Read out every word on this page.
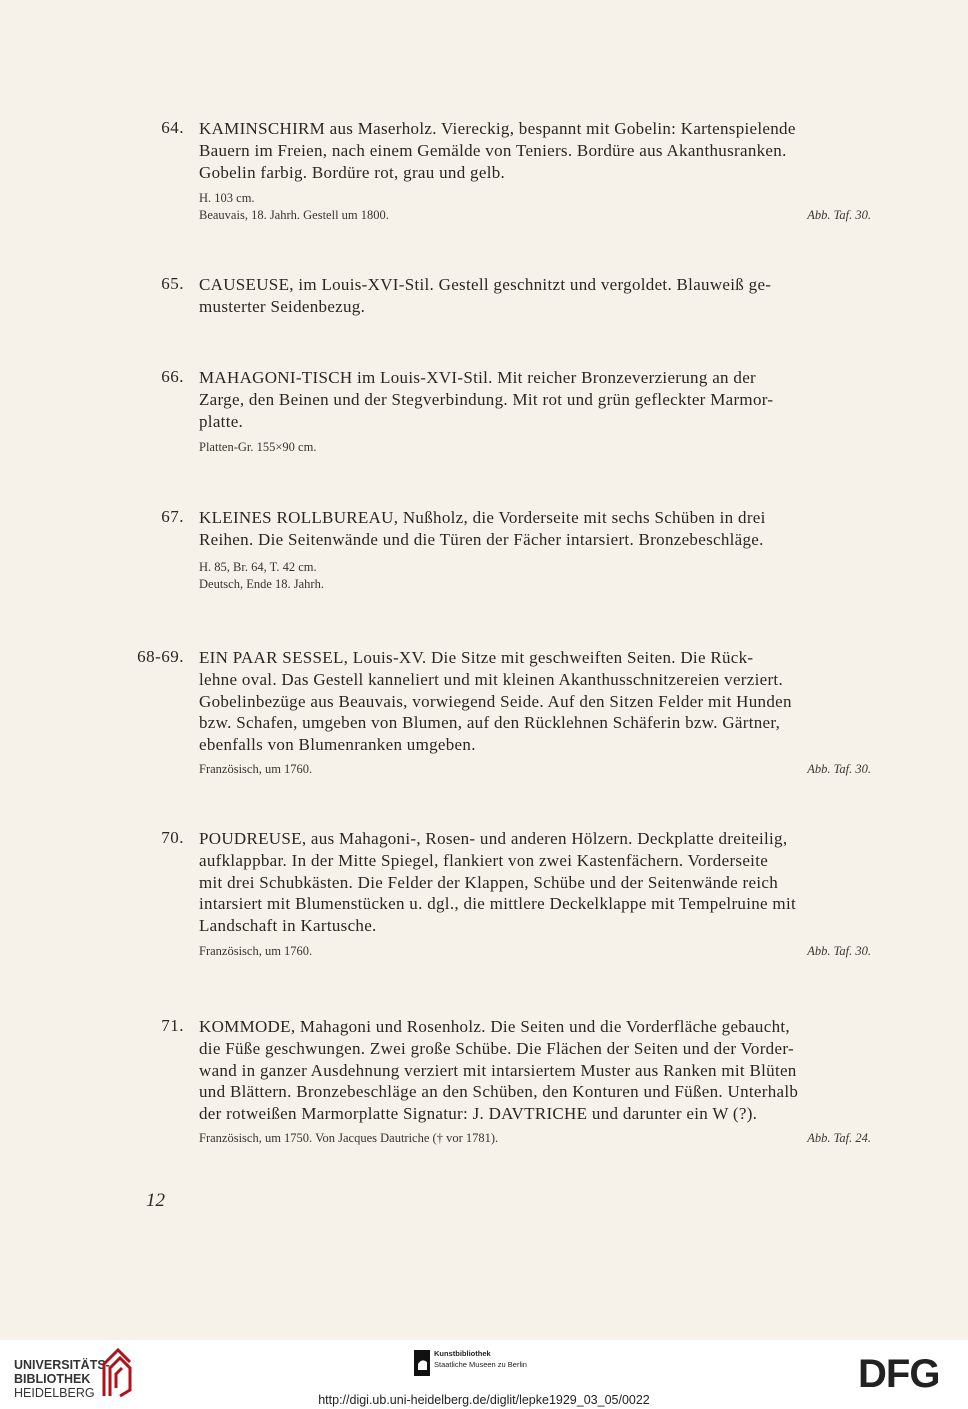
64. KAMINSCHIRM aus Maserholz. Viereckig, bespannt mit Gobelin: Kartenspielende
Bauern im Freien, nach einem Gemälde von Teniers. Bordüre aus Akanthusranken.
Gobelin farbig. Bordüre rot, grau und gelb.
H. 103 cm.
Beauvais, 18. Jahrh. Gestell um 1800.	Abb. Taf. 30.
65. CAUSEUSE, im Louis-XVI-Stil. Gestell geschnitzt und vergoldet. Blauweiß ge-
musterter Seidenbezug.
66. MAHAGONI-TISCH im Louis-XVI-Stil. Mit reicher Bronzeverzierung an der
Zarge, den Beinen und der Stegverbindung. Mit rot und grün gefleckter Marmor-
platte.
Platten-Gr. 155×90 cm.
67. KLEINES ROLLBUREAU, Nußholz, die Vorderseite mit sechs Schüben in drei
Reihen. Die Seitenwände und die Türen der Fächer intarsiert. Bronzebeschläge.
H. 85, Br. 64, T. 42 cm.
Deutsch, Ende 18. Jahrh.
68-69. EIN PAAR SESSEL, Louis-XV. Die Sitze mit geschweiften Seiten. Die Rück-
lehne oval. Das Gestell kanneliert und mit kleinen Akanthusschnitzereien verziert.
Gobelinbezüge aus Beauvais, vorwiegend Seide. Auf den Sitzen Felder mit Hunden
bzw. Schafen, umgeben von Blumen, auf den Rücklehnen Schäferin bzw. Gärtner,
ebenfalls von Blumenranken umgeben.
Französisch, um 1760.	Abb. Taf. 30.
70. POUDREUSE, aus Mahagoni-, Rosen- und anderen Hölzern. Deckplatte dreiteilig,
aufklappbar. In der Mitte Spiegel, flankiert von zwei Kastenfächern. Vorderseite
mit drei Schubkästen. Die Felder der Klappen, Schübe und der Seitenwände reich
intarsiert mit Blumenstücken u. dgl., die mittlere Deckelklappe mit Tempelruine mit
Landschaft in Kartusche.
Französisch, um 1760.	Abb. Taf. 30.
71. KOMMODE, Mahagoni und Rosenholz. Die Seiten und die Vorderfläche gebaucht,
die Füße geschwungen. Zwei große Schübe. Die Flächen der Seiten und der Vorder-
wand in ganzer Ausdehnung verziert mit intarsiertem Muster aus Ranken mit Blüten
und Blättern. Bronzebeschläge an den Schüben, den Konturen und Füßen. Unterhalb
der rotweißen Marmorplatte Signatur: J. DAVTRICHE und darunter ein W (?).
Französisch, um 1750. Von Jacques Dautriche († vor 1781).	Abb. Taf. 24.
12
UNIVERSITÄTS-
BIBLIOTHEK
HEIDELBERG
Kunstbibliothek
Staatliche Museen zu Berlin	DFG
http://digi.ub.uni-heidelberg.de/diglit/lepke1929_03_05/0022
